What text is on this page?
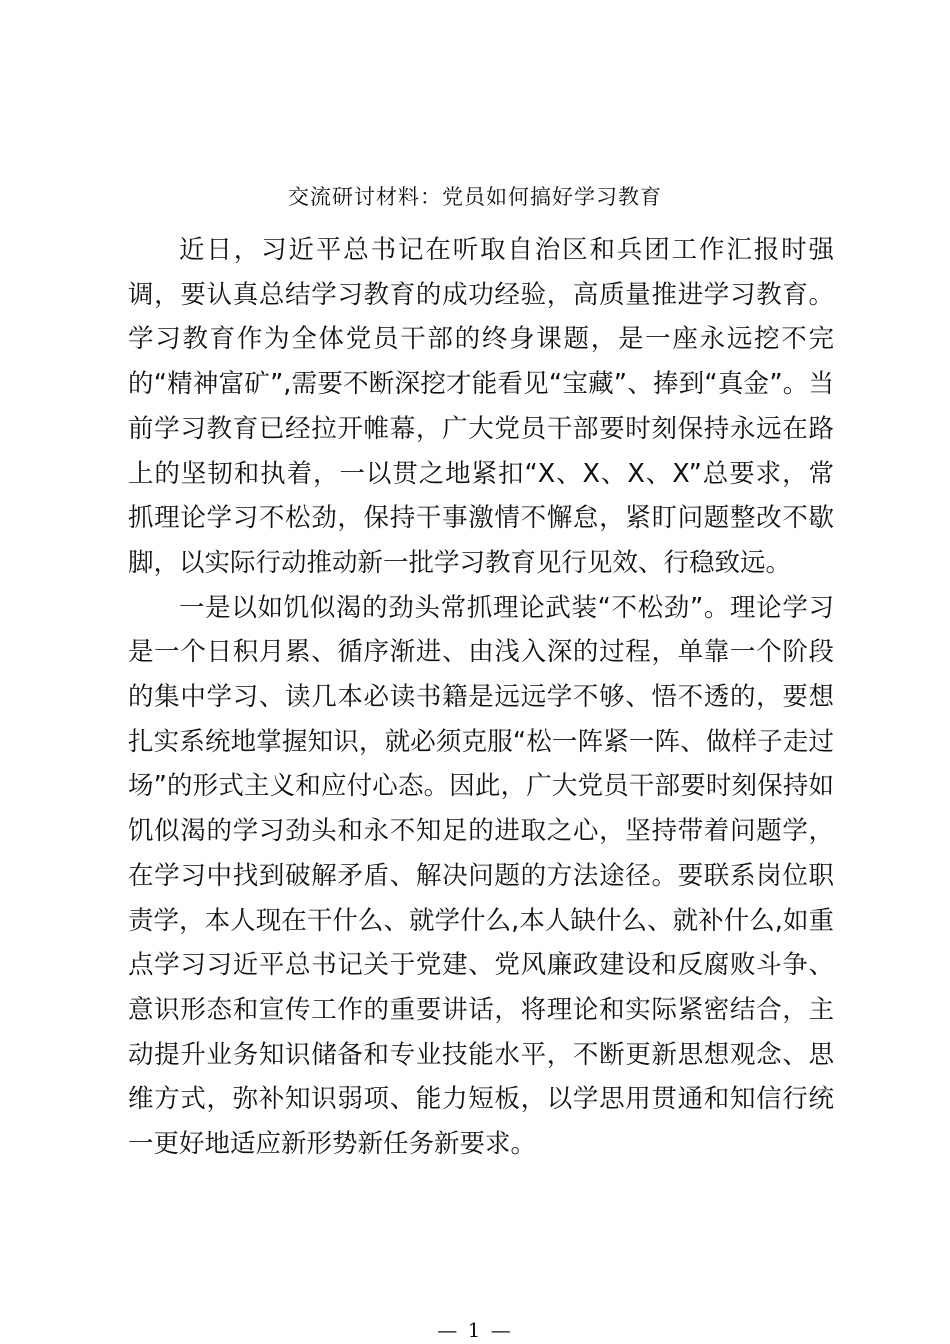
交流研讨材料：党员如何搞好学习教育

近日，习近平总书记在听取自治区和兵团工作汇报时强调，要认真总结学习教育的成功经验，高质量推进学习教育。学习教育作为全体党员干部的终身课题，是一座永远挖不完的“精神富矿”,需要不断深挖才能看见“宝藏”、捧到“真金”。当前学习教育已经拉开帷幕，广大党员干部要时刻保持永远在路上的坚韧和执着，一以贯之地紧扣“X、X、X、X”总要求，常抓理论学习不松劲，保持干事激情不懈怠，紧盯问题整改不歇脚，以实际行动推动新一批学习教育见行见效、行稳致远。

一是以如饥似渴的劲头常抓理论武装“不松劲”。理论学习是一个日积月累、循序渐进、由浅入深的过程，单靠一个阶段的集中学习、读几本必读书籍是远远学不够、悟不透的，要想扎实系统地掌握知识，就必须克服“松一阵紧一阵、做样子走过场”的形式主义和应付心态。因此，广大党员干部要时刻保持如饥似渴的学习劲头和永不知足的进取之心，坚持带着问题学，在学习中找到破解矛盾、解决问题的方法途径。要联系岗位职责学，本人现在干什么、就学什么,本人缺什么、就补什么,如重点学习习近平总书记关于党建、党风廉政建设和反腐败斗争、意识形态和宣传工作的重要讲话，将理论和实际紧密结合，主动提升业务知识储备和专业技能水平，不断更新思想观念、思维方式，弥补知识弱项、能力短板，以学思用贯通和知信行统一更好地适应新形势新任务新要求。

— 1 —
